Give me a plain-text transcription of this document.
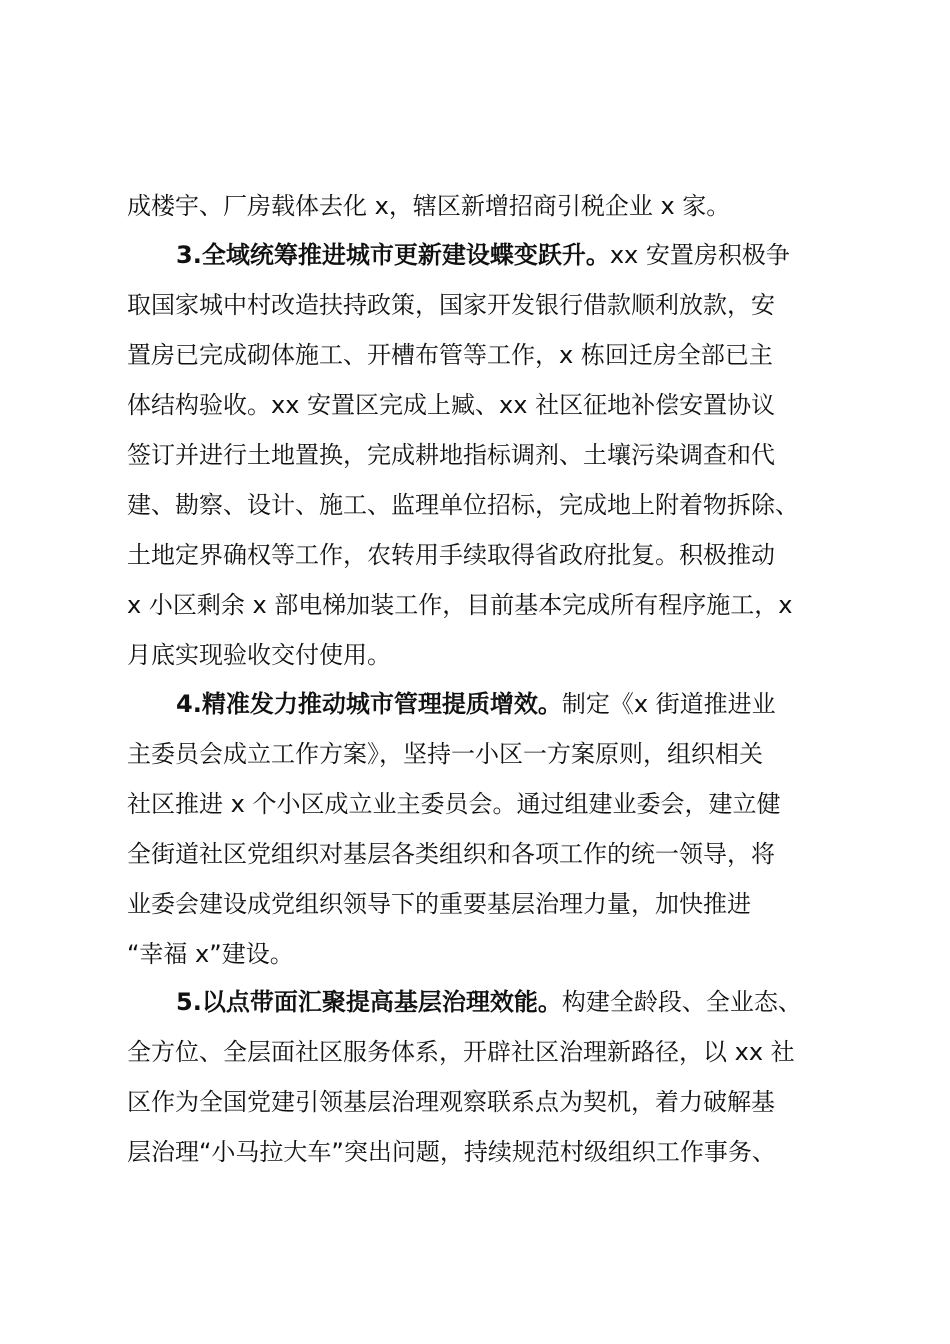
成楼宇、厂房载体去化 x，辖区新增招商引税企业 x 家。
3.全域统筹推进城市更新建设蝶变跃升。xx 安置房积极争
取国家城中村改造扶持政策，国家开发银行借款顺利放款，安
置房已完成砌体施工、开槽布管等工作，x 栋回迁房全部已主
体结构验收。xx 安置区完成上臧、xx 社区征地补偿安置协议
签订并进行土地置换，完成耕地指标调剂、土壤污染调查和代
建、勘察、设计、施工、监理单位招标，完成地上附着物拆除、
土地定界确权等工作，农转用手续取得省政府批复。积极推动
x 小区剩余 x 部电梯加装工作，目前基本完成所有程序施工，x
月底实现验收交付使用。
4.精准发力推动城市管理提质增效。制定《x 街道推进业
主委员会成立工作方案》，坚持一小区一方案原则，组织相关
社区推进 x 个小区成立业主委员会。通过组建业委会，建立健
全街道社区党组织对基层各类组织和各项工作的统一领导，将
业委会建设成党组织领导下的重要基层治理力量，加快推进
“幸福 x”建设。
5.以点带面汇聚提高基层治理效能。构建全龄段、全业态、
全方位、全层面社区服务体系，开辟社区治理新路径，以 xx 社
区作为全国党建引领基层治理观察联系点为契机，着力破解基
层治理“小马拉大车”突出问题，持续规范村级组织工作事务、
